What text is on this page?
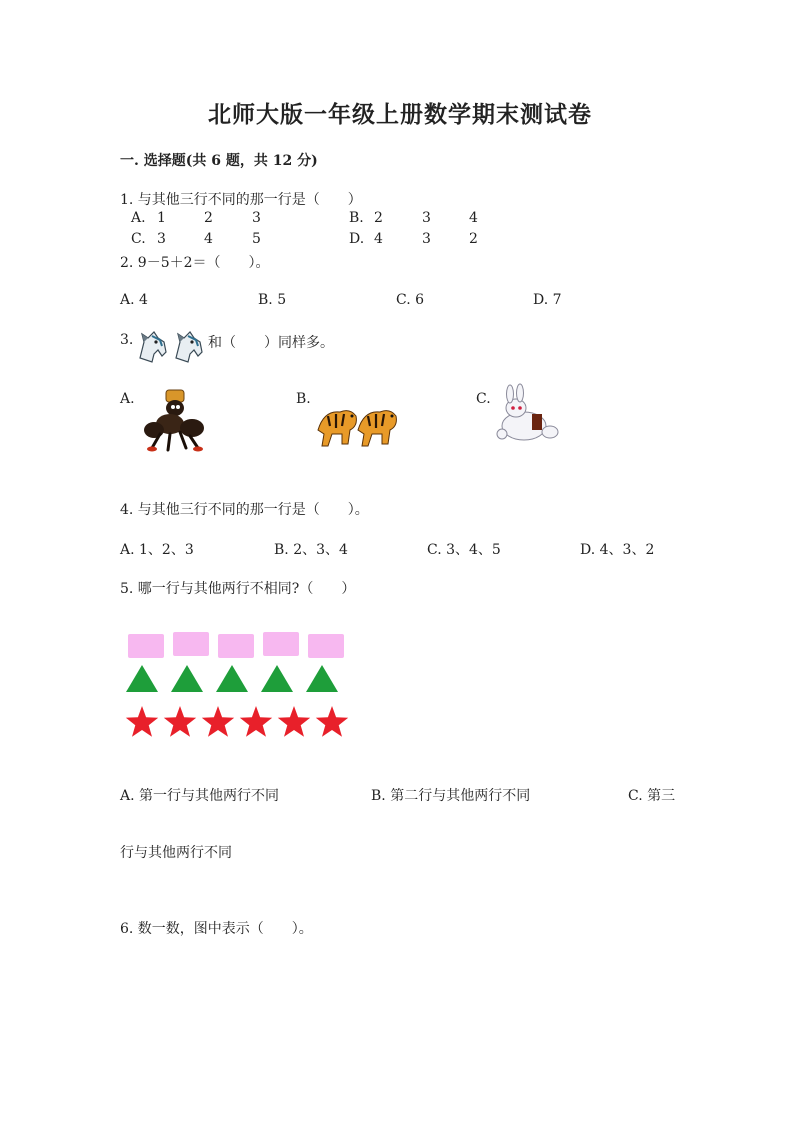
北师大版一年级上册数学期末测试卷
一. 选择题(共 6 题，共 12 分)
1. 与其他三行不同的那一行是（　　）
A. 1	2	3	B. 2	3	4
C. 3	4	5	D. 4	3	2
2. 9－5＋2＝（　　）。
A. 4	B. 5	C. 6	D. 7
3.	和（　　）同样多。
A.	B.	C.
4. 与其他三行不同的那一行是（　　）。
A. 1、2、3	B. 2、3、4	C. 3、4、5	D. 4、3、2
5. 哪一行与其他两行不相同?（　　）
A. 第一行与其他两行不同	B. 第二行与其他两行不同	C. 第三
行与其他两行不同
6. 数一数，图中表示（　　）。
